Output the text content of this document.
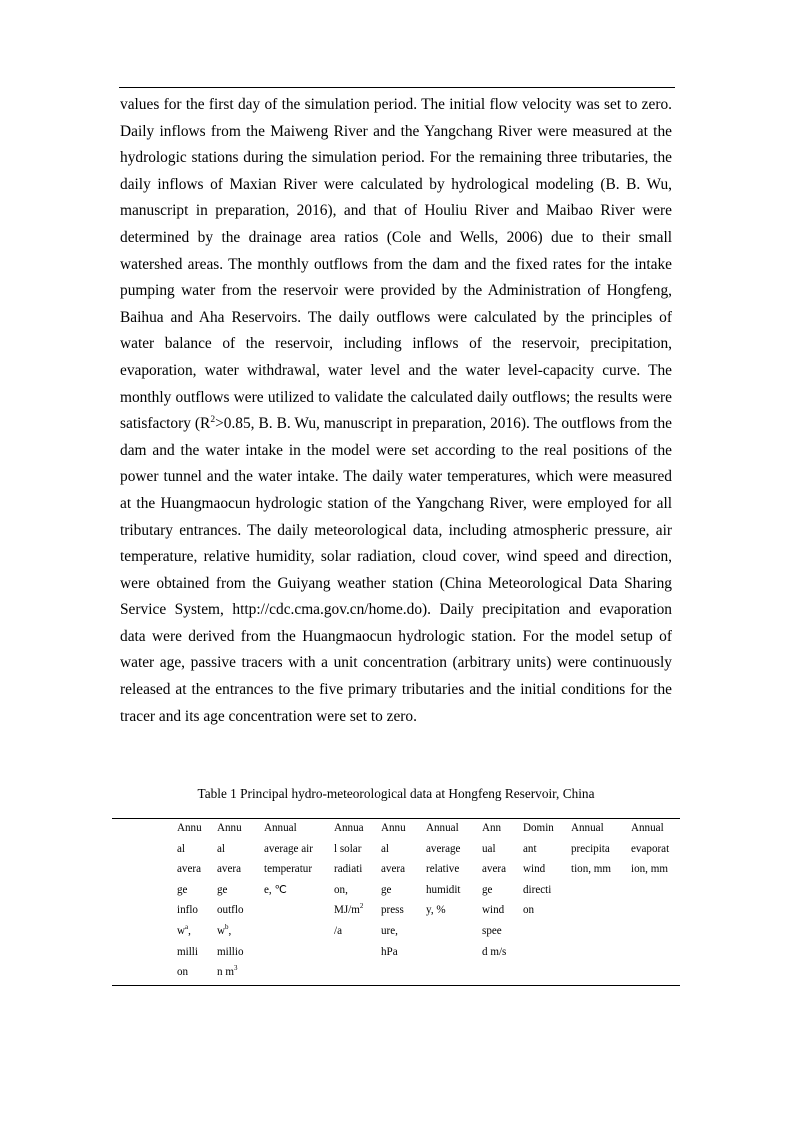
values for the first day of the simulation period. The initial flow velocity was set to zero. Daily inflows from the Maiweng River and the Yangchang River were measured at the hydrologic stations during the simulation period. For the remaining three tributaries, the daily inflows of Maxian River were calculated by hydrological modeling (B. B. Wu, manuscript in preparation, 2016), and that of Houliu River and Maibao River were determined by the drainage area ratios (Cole and Wells, 2006) due to their small watershed areas. The monthly outflows from the dam and the fixed rates for the intake pumping water from the reservoir were provided by the Administration of Hongfeng, Baihua and Aha Reservoirs. The daily outflows were calculated by the principles of water balance of the reservoir, including inflows of the reservoir, precipitation, evaporation, water withdrawal, water level and the water level-capacity curve. The monthly outflows were utilized to validate the calculated daily outflows; the results were satisfactory ($R^2>0.85$, B. B. Wu, manuscript in preparation, 2016). The outflows from the dam and the water intake in the model were set according to the real positions of the power tunnel and the water intake. The daily water temperatures, which were measured at the Huangmaocun hydrologic station of the Yangchang River, were employed for all tributary entrances. The daily meteorological data, including atmospheric pressure, air temperature, relative humidity, solar radiation, cloud cover, wind speed and direction, were obtained from the Guiyang weather station (China Meteorological Data Sharing Service System, http://cdc.cma.gov.cn/home.do). Daily precipitation and evaporation data were derived from the Huangmaocun hydrologic station. For the model setup of water age, passive tracers with a unit concentration (arbitrary units) were continuously released at the entrances to the five primary tributaries and the initial conditions for the tracer and its age concentration were set to zero.

Table 1 Principal hydro-meteorological data at Hongfeng Reservoir, China
Annu
al
avera
ge
inflo
$w^a$,
milli
on
Annu
al
avera
ge
outflo
$w^b$,
millio
n $m^3$
Annual
average air
temperatur
e, ℃
Annua
l solar
radiati
on,
$MJ/m^2$
/a
Annu
al
avera
ge
press
ure,
hPa
Annual
average
relative
humidit
y, %
Ann
ual
avera
ge
wind
spee
d m/s
Domin
ant
wind
directi
on
Annual
precipita
tion, mm
Annual
evaporat
ion, mm
